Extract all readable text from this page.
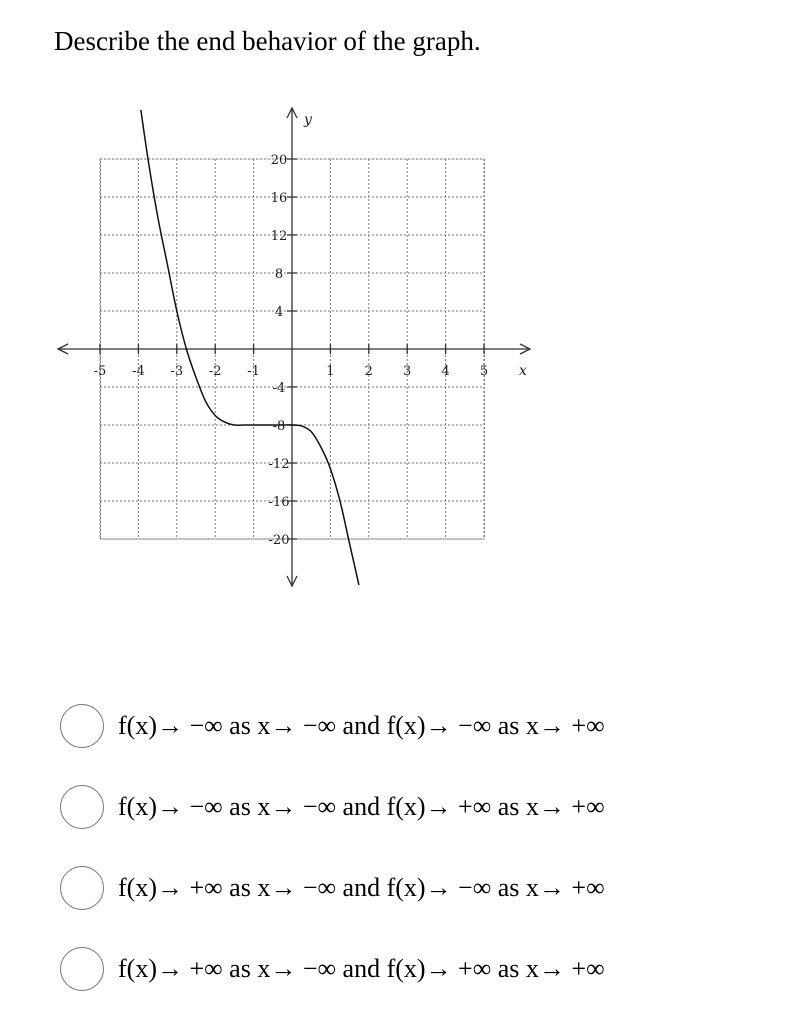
Describe the end behavior of the graph.
-5 -4 -3 -2 -1	1 2 3 4 5
20
16
12
8
4
-4
-8
-12
-16
-20
x
y
f(x)→ −∞ as x→ −∞ and f(x)→ −∞ as x→ +∞
f(x)→ −∞ as x→ −∞ and f(x)→ +∞ as x→ +∞
f(x)→ +∞ as x→ −∞ and f(x)→ −∞ as x→ +∞
f(x)→ +∞ as x→ −∞ and f(x)→ +∞ as x→ +∞
